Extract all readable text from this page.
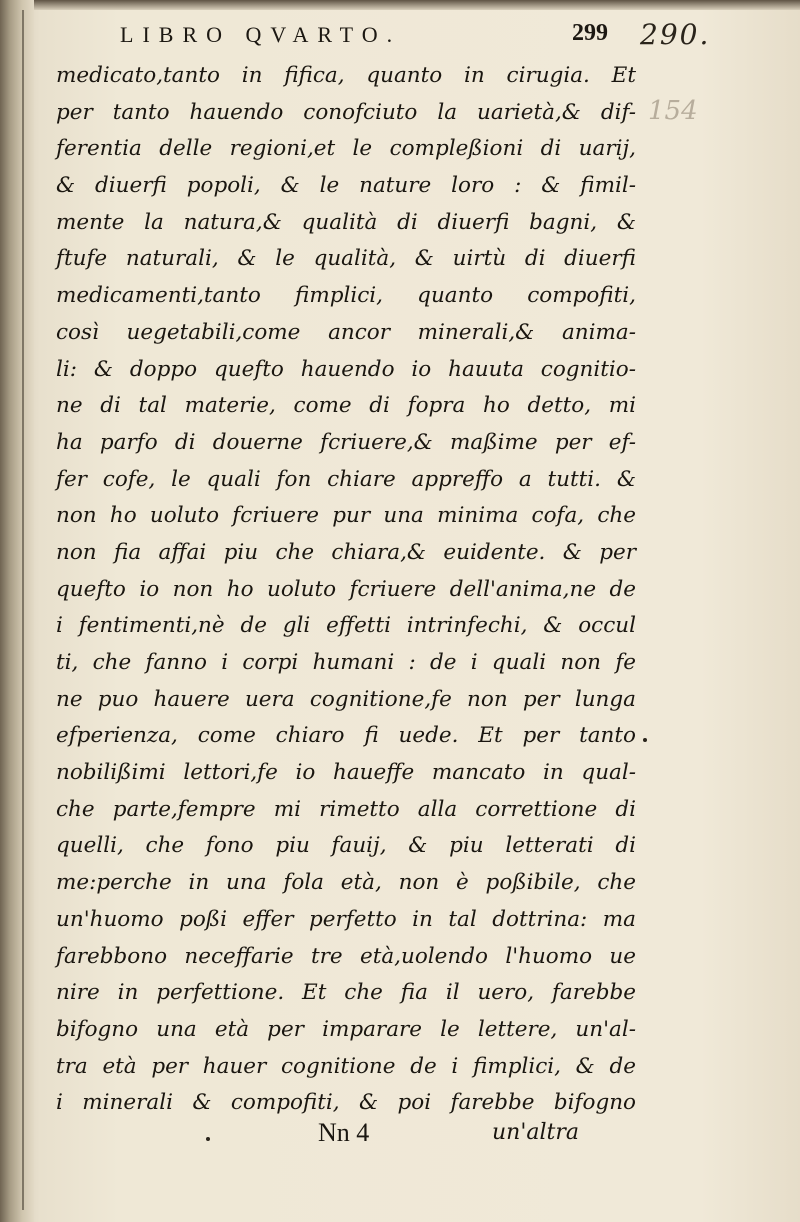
LIBRO QVARTO.	299 290.
154
medicato,tanto in fifica, quanto in cirugia. Et
per tanto hauendo conofciuto la uarietà,& dif-
ferentia delle regioni,et le compleßioni di uarij,
& diuerfi popoli, & le nature loro : & fimil-
mente la natura,& qualità di diuerfi bagni, &
ftufe naturali, & le qualità, & uirtù di diuerfi
medicamenti,tanto fimplici, quanto compofiti,
così uegetabili,come ancor minerali,& anima-
li: & doppo quefto hauendo io hauuta cognitio-
ne di tal materie, come di fopra ho detto, mi
ha parfo di douerne fcriuere,& maßime per ef-
fer cofe, le quali fon chiare appreffo a tutti. &
non ho uoluto fcriuere pur una minima cofa, che
non fia affai piu che chiara,& euidente. & per
quefto io non ho uoluto fcriuere dell'anima,ne de
i fentimenti,nè de gli effetti intrinfechi, & occul
ti, che fanno i corpi humani : de i quali non fe
ne puo hauere uera cognitione,fe non per lunga
efperienza, come chiaro fi uede. Et per tanto
nobilißimi lettori,fe io haueffe mancato in qual-
che parte,fempre mi rimetto alla correttione di
quelli, che fono piu fauij, & piu letterati di
me:perche in una fola età, non è poßibile, che
un'huomo poßi effer perfetto in tal dottrina: ma
farebbono neceffarie tre età,uolendo l'huomo ue
nire in perfettione. Et che fia il uero, farebbe
bifogno una età per imparare le lettere, un'al-
tra età per hauer cognitione de i fimplici, & de
i minerali & compofiti, & poi farebbe bifogno
Nn 4	un'altra
